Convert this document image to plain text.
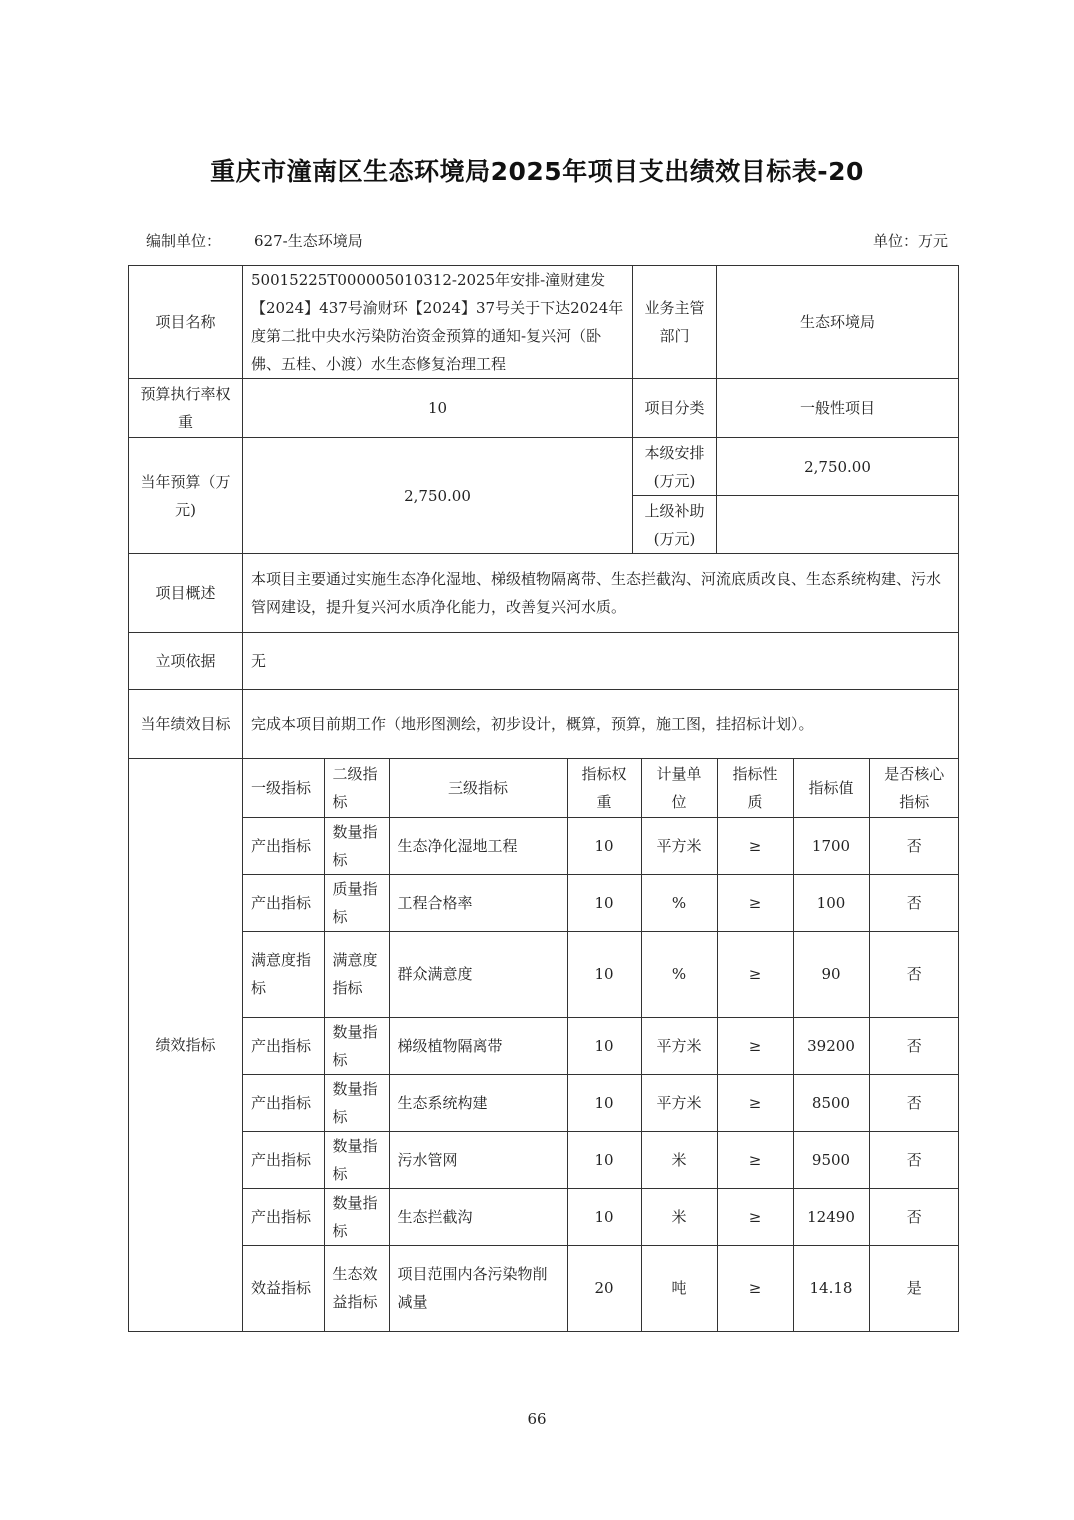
重庆市潼南区生态环境局2025年项目支出绩效目标表-20
编制单位： 627-生态环境局	单位：万元
项目名称	50015225T000005010312-2025年安排-潼财建发【2024】437号渝财环【2024】37号关于下达2024年度第二批中央水污染防治资金预算的通知-复兴河（卧佛、五桂、小渡）水生态修复治理工程	业务主管部门	生态环境局
预算执行率权重	10	项目分类	一般性项目
当年预算（万元)	2,750.00	本级安排(万元)	2,750.00
上级补助(万元)	
项目概述	本项目主要通过实施生态净化湿地、梯级植物隔离带、生态拦截沟、河流底质改良、生态系统构建、污水管网建设，提升复兴河水质净化能力，改善复兴河水质。
立项依据	无
当年绩效目标	完成本项目前期工作（地形图测绘，初步设计，概算，预算，施工图，挂招标计划）。
绩效指标	
一级指标	二级指标	三级指标	指标权重	计量单位	指标性质	指标值	是否核心指标
产出指标	数量指标	生态净化湿地工程	10	平方米	≥	1700	否
产出指标	质量指标	工程合格率	10	%	≥	100	否
满意度指标	满意度指标	群众满意度	10	%	≥	90	否
产出指标	数量指标	梯级植物隔离带	10	平方米	≥	39200	否
产出指标	数量指标	生态系统构建	10	平方米	≥	8500	否
产出指标	数量指标	污水管网	10	米	≥	9500	否
产出指标	数量指标	生态拦截沟	10	米	≥	12490	否
效益指标	生态效益指标	项目范围内各污染物削减量	20	吨	≥	14.18	是
66
